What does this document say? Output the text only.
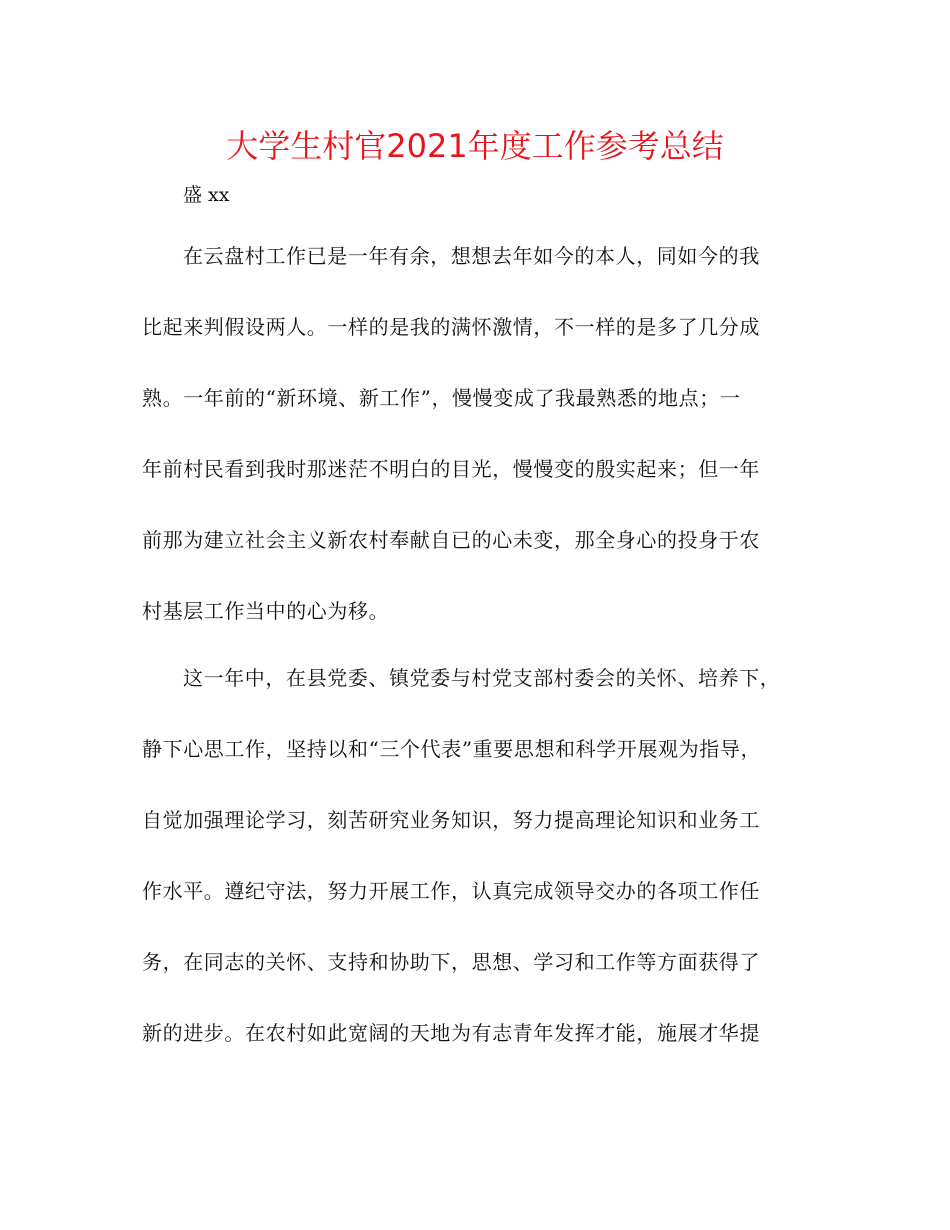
大学生村官2021年度工作参考总结
盛 xx
在云盘村工作已是一年有余，想想去年如今的本人，同如今的我
比起来判假设两人。一样的是我的满怀激情，不一样的是多了几分成
熟。一年前的“新环境、新工作”，慢慢变成了我最熟悉的地点；一
年前村民看到我时那迷茫不明白的目光，慢慢变的殷实起来；但一年
前那为建立社会主义新农村奉献自已的心未变，那全身心的投身于农
村基层工作当中的心为移。
这一年中，在县党委、镇党委与村党支部村委会的关怀、培养下，
静下心思工作，坚持以和“三个代表”重要思想和科学开展观为指导，
自觉加强理论学习，刻苦研究业务知识，努力提高理论知识和业务工
作水平。遵纪守法，努力开展工作，认真完成领导交办的各项工作任
务，在同志的关怀、支持和协助下，思想、学习和工作等方面获得了
新的进步。在农村如此宽阔的天地为有志青年发挥才能，施展才华提
